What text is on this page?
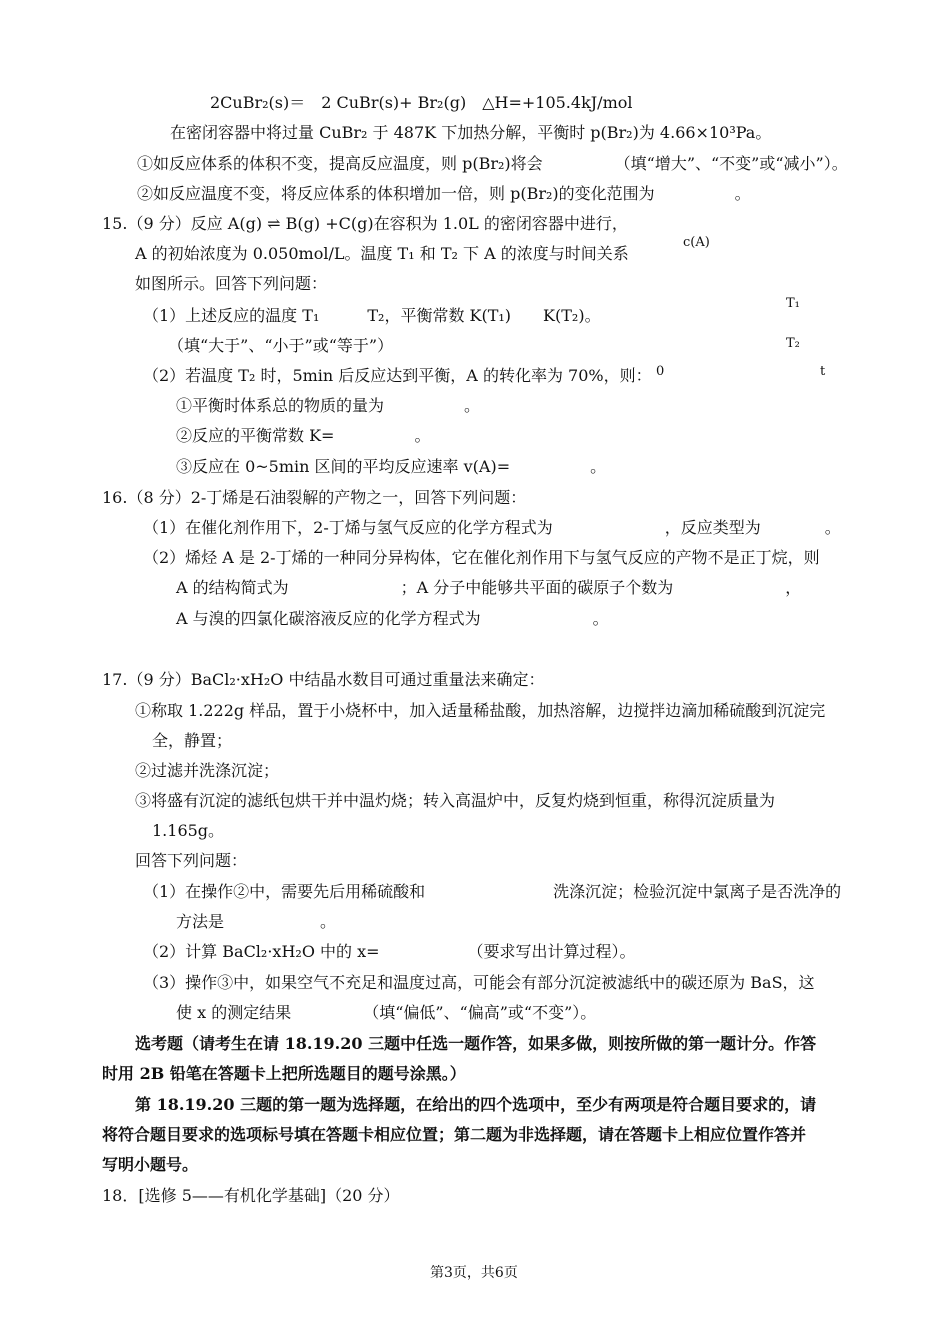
2CuBr₂(s)＝　2 CuBr(s)+ Br₂(g)　△H=+105.4kJ/mol
在密闭容器中将过量 CuBr₂ 于 487K 下加热分解，平衡时 p(Br₂)为 4.66×10³Pa。
①如反应体系的体积不变，提高反应温度，则 p(Br₂)将会　　　　　（填“增大”、“不变”或“减小”）。
②如反应温度不变，将反应体系的体积增加一倍，则 p(Br₂)的变化范围为　　　　　。
15.（9 分）反应 A(g) ⇌ B(g) +C(g)在容积为 1.0L 的密闭容器中进行，
A 的初始浓度为 0.050mol/L。温度 T₁ 和 T₂ 下 A 的浓度与时间关系
如图所示。回答下列问题：
（1）上述反应的温度 T₁　　　T₂，平衡常数 K(T₁)　　K(T₂)。
（填“大于”、“小于”或“等于”）
（2）若温度 T₂ 时，5min 后反应达到平衡，A 的转化率为 70%，则：
①平衡时体系总的物质的量为　　　　　。
②反应的平衡常数 K=　　　　　。
③反应在 0~5min 区间的平均反应速率 v(A)=　　　　　。
c(A)
T₁
T₂
0	t
16.（8 分）2-丁烯是石油裂解的产物之一，回答下列问题：
（1）在催化剂作用下，2-丁烯与氢气反应的化学方程式为　　　　　　　，反应类型为　　　　。
（2）烯烃 A 是 2-丁烯的一种同分异构体，它在催化剂作用下与氢气反应的产物不是正丁烷，则
A 的结构简式为　　　　　　　；A 分子中能够共平面的碳原子个数为　　　　　　　，
A 与溴的四氯化碳溶液反应的化学方程式为　　　　　　　。
17.（9 分）BaCl₂·xH₂O 中结晶水数目可通过重量法来确定：
①称取 1.222g 样品，置于小烧杯中，加入适量稀盐酸，加热溶解，边搅拌边滴加稀硫酸到沉淀完
全，静置；
②过滤并洗涤沉淀；
③将盛有沉淀的滤纸包烘干并中温灼烧；转入高温炉中，反复灼烧到恒重，称得沉淀质量为
1.165g。
回答下列问题：
（1）在操作②中，需要先后用稀硫酸和　　　　　　　　洗涤沉淀；检验沉淀中氯离子是否洗净的
方法是　　　　　　。
（2）计算 BaCl₂·xH₂O 中的 x=　　　　　　（要求写出计算过程）。
（3）操作③中，如果空气不充足和温度过高，可能会有部分沉淀被滤纸中的碳还原为 BaS，这
使 x 的测定结果　　　　　（填“偏低”、“偏高”或“不变”）。
选考题（请考生在请 18.19.20 三题中任选一题作答，如果多做，则按所做的第一题计分。作答
时用 2B 铅笔在答题卡上把所选题目的题号涂黑。）
第 18.19.20 三题的第一题为选择题，在给出的四个选项中，至少有两项是符合题目要求的，请
将符合题目要求的选项标号填在答题卡相应位置；第二题为非选择题，请在答题卡上相应位置作答并
写明小题号。
18．[选修 5——有机化学基础]（20 分）
第3页，共6页
